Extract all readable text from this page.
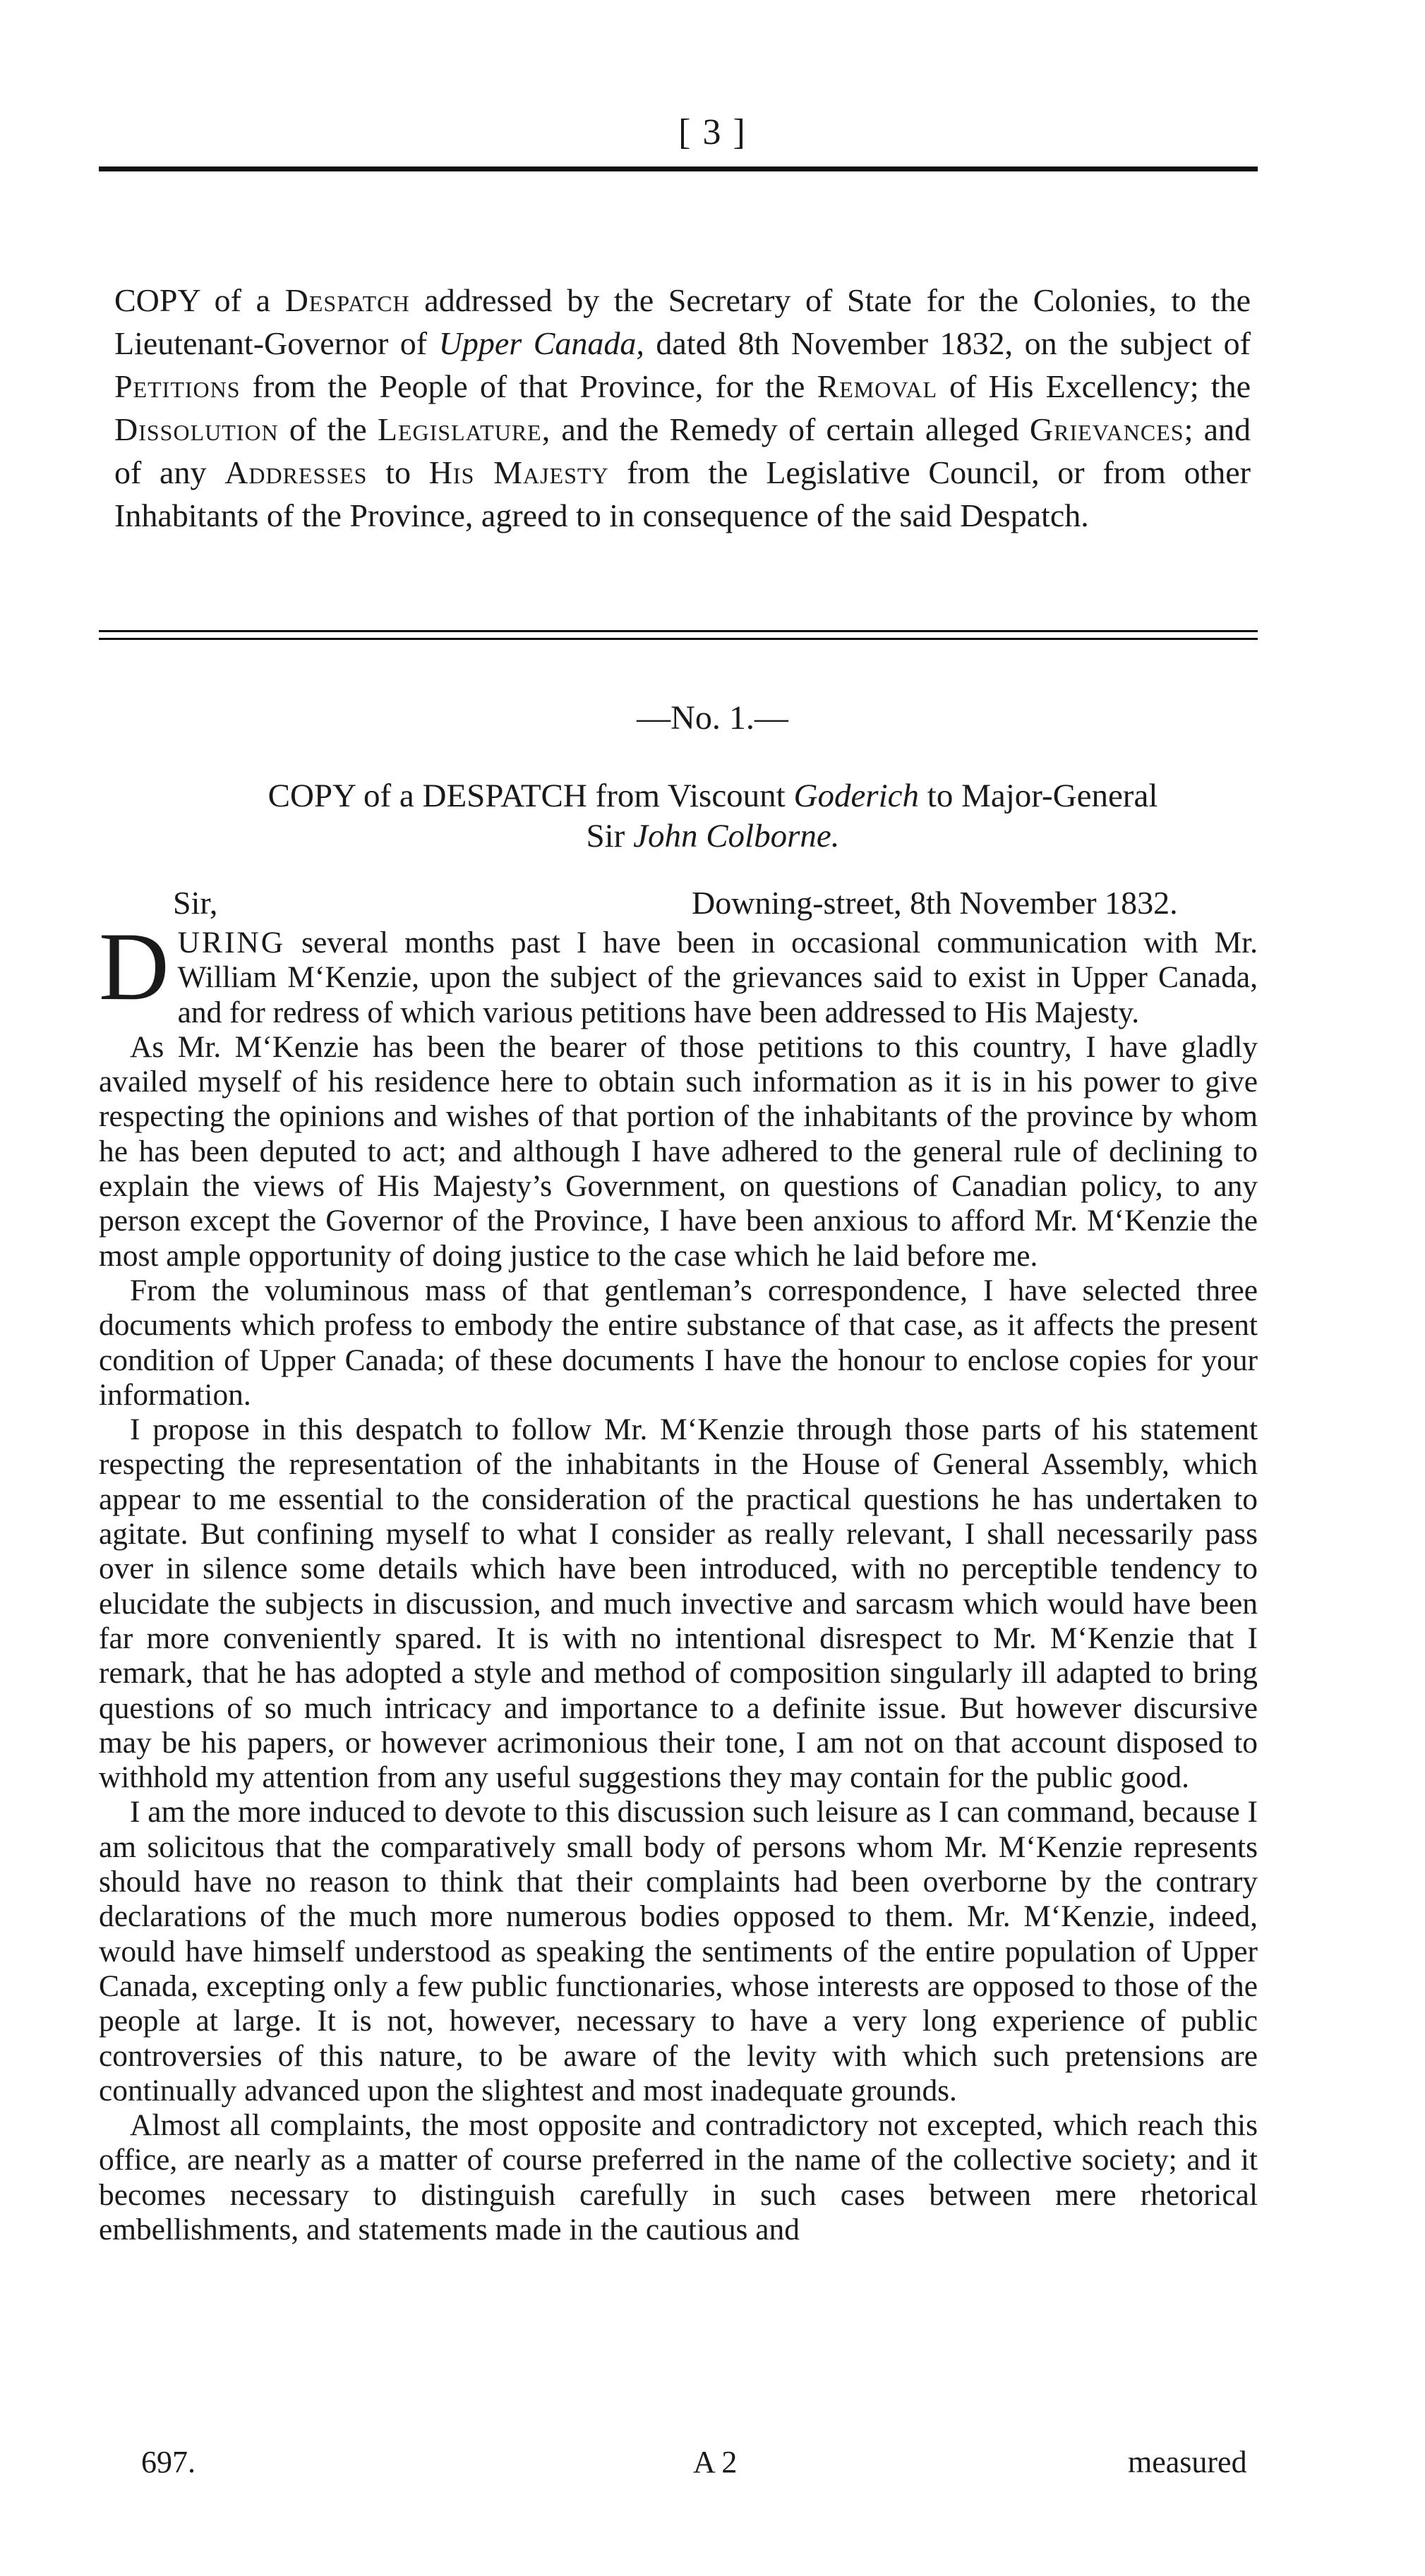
[ 3 ]
COPY of a Despatch addressed by the Secretary of State for the Colonies, to the Lieutenant-Governor of Upper Canada, dated 8th November 1832, on the subject of Petitions from the People of that Province, for the Removal of His Excellency; the Dissolution of the Legislature, and the Remedy of certain alleged Grievances; and of any Addresses to His Majesty from the Legislative Council, or from other Inhabitants of the Province, agreed to in consequence of the said Despatch.
—No. 1.—
COPY of a DESPATCH from Viscount Goderich to Major-General
Sir John Colborne.
Sir,	Downing-street, 8th November 1832.

DURING several months past I have been in occasional communication with Mr. William M‘Kenzie, upon the subject of the grievances said to exist in Upper Canada, and for redress of which various petitions have been addressed to His Majesty.

As Mr. M‘Kenzie has been the bearer of those petitions to this country, I have gladly availed myself of his residence here to obtain such information as it is in his power to give respecting the opinions and wishes of that portion of the inhabitants of the province by whom he has been deputed to act; and although I have adhered to the general rule of declining to explain the views of His Majesty’s Government, on questions of Canadian policy, to any person except the Governor of the Province, I have been anxious to afford Mr. M‘Kenzie the most ample opportunity of doing justice to the case which he laid before me.

From the voluminous mass of that gentleman’s correspondence, I have selected three documents which profess to embody the entire substance of that case, as it affects the present condition of Upper Canada; of these documents I have the honour to enclose copies for your information.

I propose in this despatch to follow Mr. M‘Kenzie through those parts of his statement respecting the representation of the inhabitants in the House of General Assembly, which appear to me essential to the consideration of the practical questions he has undertaken to agitate. But confining myself to what I consider as really relevant, I shall necessarily pass over in silence some details which have been introduced, with no perceptible tendency to elucidate the subjects in discussion, and much invective and sarcasm which would have been far more conveniently spared. It is with no intentional disrespect to Mr. M‘Kenzie that I remark, that he has adopted a style and method of composition singularly ill adapted to bring questions of so much intricacy and importance to a definite issue. But however discursive may be his papers, or however acrimonious their tone, I am not on that account disposed to withhold my attention from any useful suggestions they may contain for the public good.

I am the more induced to devote to this discussion such leisure as I can command, because I am solicitous that the comparatively small body of persons whom Mr. M‘Kenzie represents should have no reason to think that their complaints had been overborne by the contrary declarations of the much more numerous bodies opposed to them. Mr. M‘Kenzie, indeed, would have himself understood as speaking the sentiments of the entire population of Upper Canada, excepting only a few public functionaries, whose interests are opposed to those of the people at large. It is not, however, necessary to have a very long experience of public controversies of this nature, to be aware of the levity with which such pretensions are continually advanced upon the slightest and most inadequate grounds.

Almost all complaints, the most opposite and contradictory not excepted, which reach this office, are nearly as a matter of course preferred in the name of the collective society; and it becomes necessary to distinguish carefully in such cases between mere rhetorical embellishments, and statements made in the cautious and

697.	A 2	measured
